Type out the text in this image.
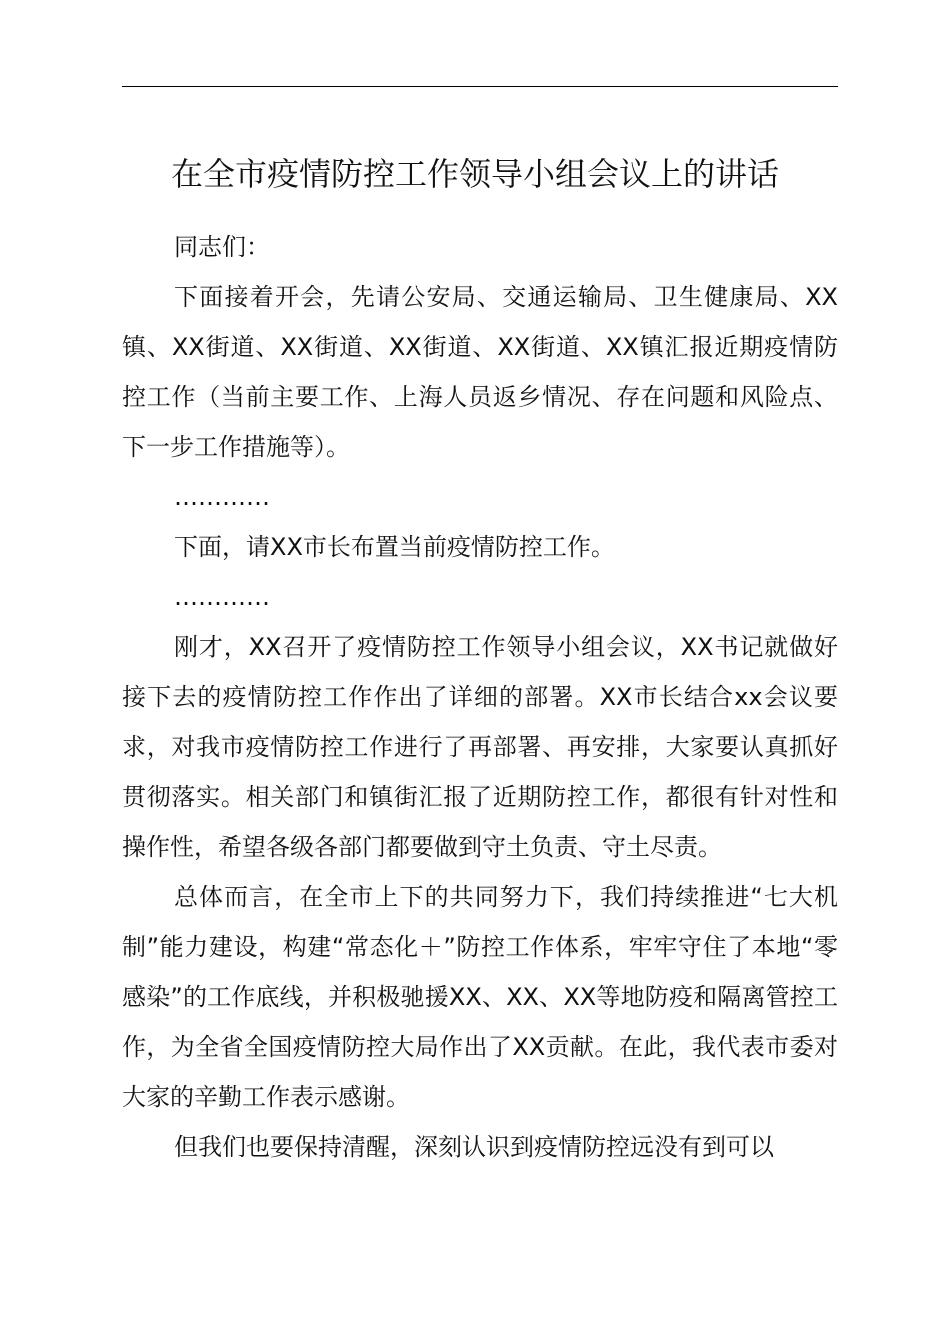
在全市疫情防控工作领导小组会议上的讲话

同志们：

下面接着开会，先请公安局、交通运输局、卫生健康局、XX镇、XX街道、XX街道、XX街道、XX街道、XX镇汇报近期疫情防控工作（当前主要工作、上海人员返乡情况、存在问题和风险点、下一步工作措施等）。

…………

下面，请XX市长布置当前疫情防控工作。

…………

刚才，XX召开了疫情防控工作领导小组会议，XX书记就做好接下去的疫情防控工作作出了详细的部署。XX市长结合xx会议要求，对我市疫情防控工作进行了再部署、再安排，大家要认真抓好贯彻落实。相关部门和镇街汇报了近期防控工作，都很有针对性和操作性，希望各级各部门都要做到守土负责、守土尽责。

总体而言，在全市上下的共同努力下，我们持续推进“七大机制”能力建设，构建“常态化＋”防控工作体系，牢牢守住了本地“零感染”的工作底线，并积极驰援XX、XX、XX等地防疫和隔离管控工作，为全省全国疫情防控大局作出了XX贡献。在此，我代表市委对大家的辛勤工作表示感谢。

但我们也要保持清醒，深刻认识到疫情防控远没有到可以
